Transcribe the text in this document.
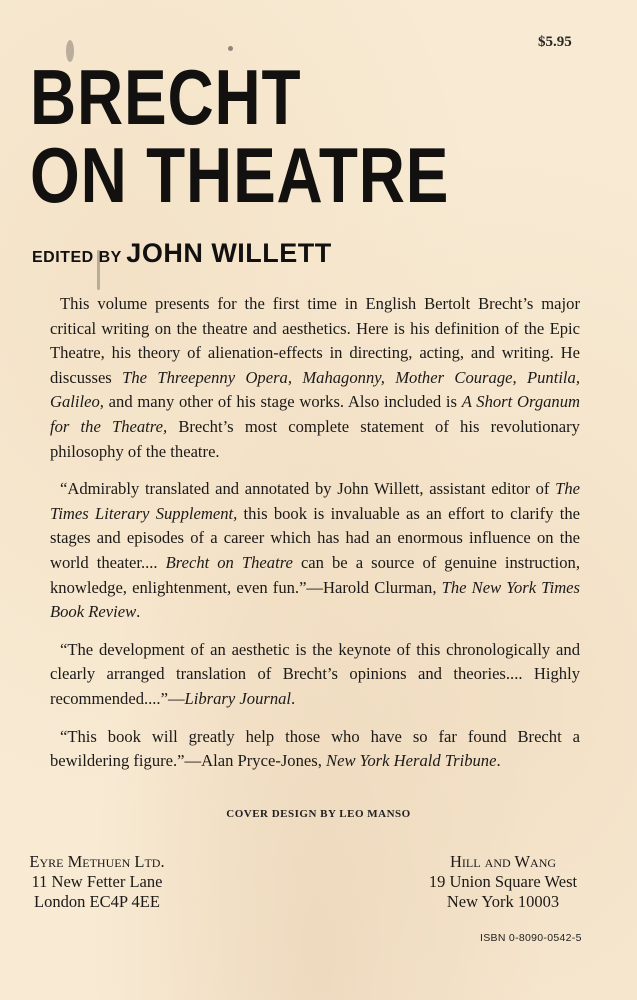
$5.95
BRECHT
ON THEATRE
EDITED BY JOHN WILLETT

This volume presents for the first time in English Bertolt Brecht’s major critical writing on the theatre and aesthetics. Here is his definition of the Epic Theatre, his theory of alienation-effects in directing, acting, and writing. He discusses The Threepenny Opera, Mahagonny, Mother Courage, Puntila, Galileo, and many other of his stage works. Also included is A Short Organum for the Theatre, Brecht’s most complete statement of his revolutionary philosophy of the theatre.

“Admirably translated and annotated by John Willett, assistant editor of The Times Literary Supplement, this book is invaluable as an effort to clarify the stages and episodes of a career which has had an enormous influence on the world theater.... Brecht on Theatre can be a source of genuine instruction, knowledge, enlightenment, even fun.”—Harold Clurman, The New York Times Book Review.

“The development of an aesthetic is the keynote of this chronologically and clearly arranged translation of Brecht’s opinions and theories.... Highly recommended....”—Library Journal.

“This book will greatly help those who have so far found Brecht a bewildering figure.”—Alan Pryce-Jones, New York Herald Tribune.

COVER DESIGN BY LEO MANSO
Eyre Methuen Ltd.
11 New Fetter Lane
London EC4P 4EE
Hill and Wang
19 Union Square West
New York 10003
ISBN 0-8090-0542-5
